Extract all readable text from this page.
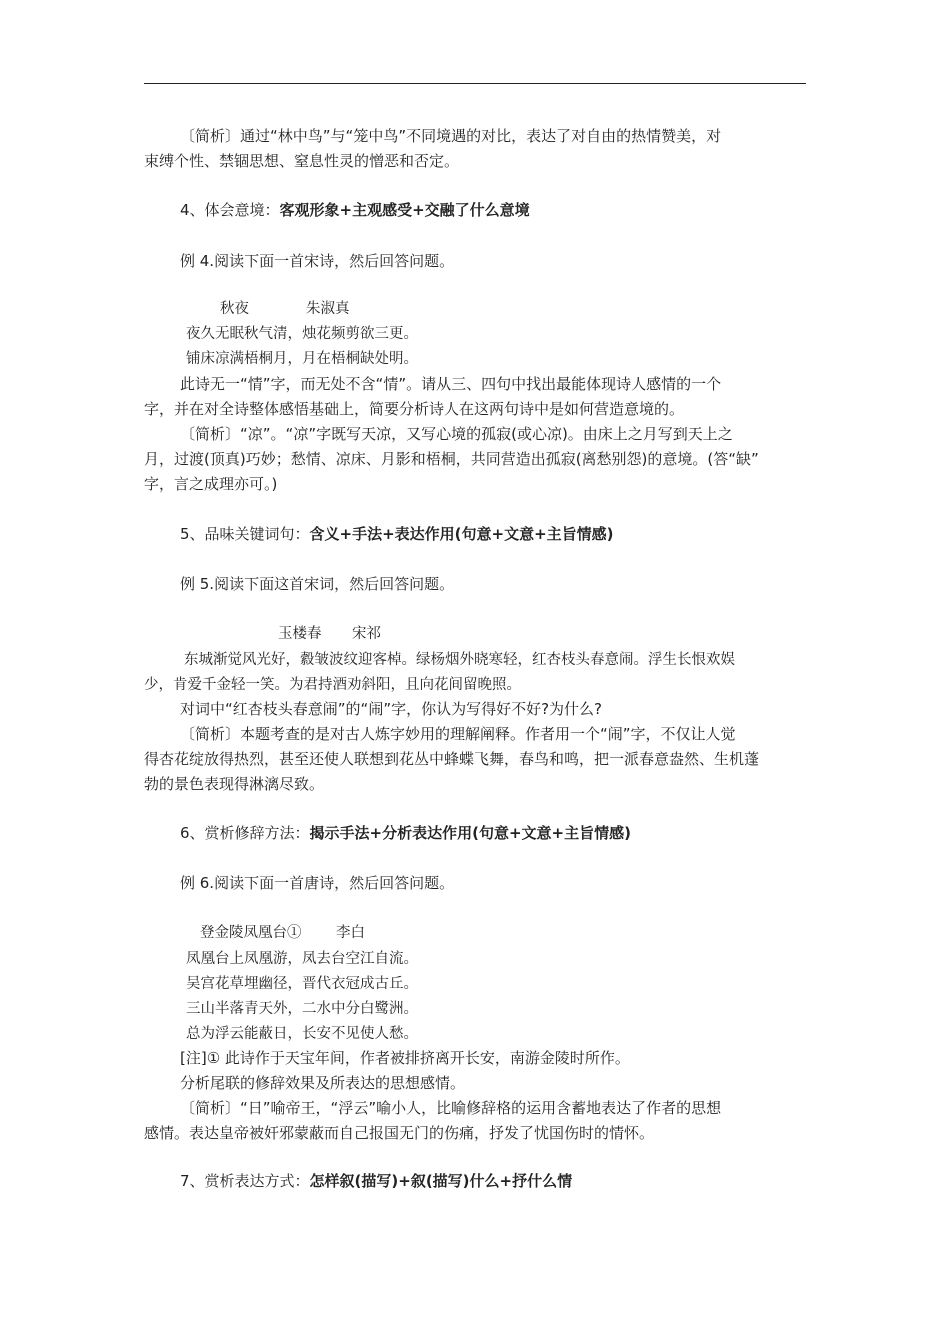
〔简析〕通过“林中鸟”与“笼中鸟”不同境遇的对比，表达了对自由的热情赞美，对
束缚个性、禁锢思想、窒息性灵的憎恶和否定。
4、体会意境：客观形象+主观感受+交融了什么意境
例 4.阅读下面一首宋诗，然后回答问题。
秋夜	朱淑真
夜久无眠秋气清，烛花频剪欲三更。
铺床凉满梧桐月，月在梧桐缺处明。
此诗无一“情”字，而无处不含“情”。请从三、四句中找出最能体现诗人感情的一个
字，并在对全诗整体感悟基础上，简要分析诗人在这两句诗中是如何营造意境的。
〔简析〕“凉”。“凉”字既写天凉，又写心境的孤寂(或心凉)。由床上之月写到天上之
月，过渡(顶真)巧妙；愁情、凉床、月影和梧桐，共同营造出孤寂(离愁别怨)的意境。(答“缺”
字，言之成理亦可。)
5、品味关键词句：含义+手法+表达作用(句意+文意+主旨情感)
例 5.阅读下面这首宋词，然后回答问题。
玉楼春	宋祁
东城渐觉风光好，縠皱波纹迎客棹。绿杨烟外晓寒轻，红杏枝头春意闹。浮生长恨欢娱
少，肯爱千金轻一笑。为君持酒劝斜阳，且向花间留晚照。
对词中“红杏枝头春意闹”的“闹”字，你认为写得好不好?为什么?
〔简析〕本题考查的是对古人炼字妙用的理解阐释。作者用一个“闹”字，不仅让人觉
得杏花绽放得热烈，甚至还使人联想到花丛中蜂蝶飞舞，春鸟和鸣，把一派春意盎然、生机蓬
勃的景色表现得淋漓尽致。
6、赏析修辞方法：揭示手法+分析表达作用(句意+文意+主旨情感)
例 6.阅读下面一首唐诗，然后回答问题。
登金陵凤凰台①	李白
凤凰台上凤凰游，凤去台空江自流。
吴宫花草埋幽径，晋代衣冠成古丘。
三山半落青天外，二水中分白鹭洲。
总为浮云能蔽日，长安不见使人愁。
[注]① 此诗作于天宝年间，作者被排挤离开长安，南游金陵时所作。
分析尾联的修辞效果及所表达的思想感情。
〔简析〕“日”喻帝王，“浮云”喻小人，比喻修辞格的运用含蓄地表达了作者的思想
感情。表达皇帝被奸邪蒙蔽而自己报国无门的伤痛，抒发了忧国伤时的情怀。
7、赏析表达方式：怎样叙(描写)+叙(描写)什么+抒什么情
